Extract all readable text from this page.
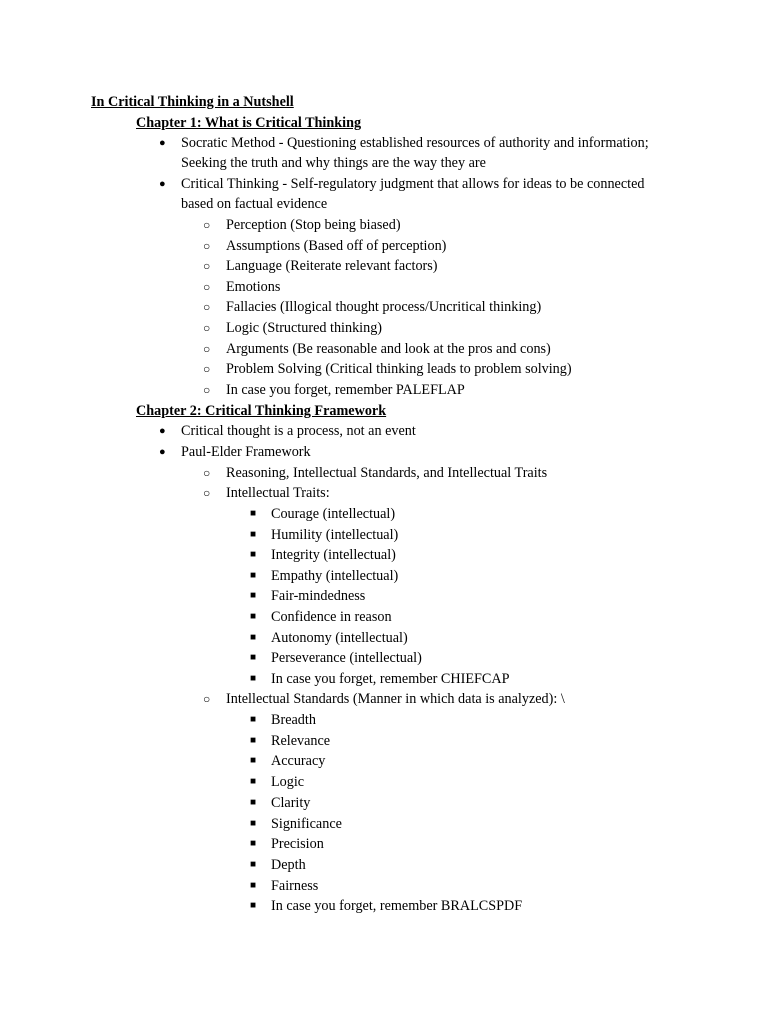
In Critical Thinking in a Nutshell
Chapter 1: What is Critical Thinking
● Socratic Method - Questioning established resources of authority and information;
Seeking the truth and why things are the way they are
● Critical Thinking - Self-regulatory judgment that allows for ideas to be connected
based on factual evidence
○ Perception (Stop being biased)
○ Assumptions (Based off of perception)
○ Language (Reiterate relevant factors)
○ Emotions
○ Fallacies (Illogical thought process/Uncritical thinking)
○ Logic (Structured thinking)
○ Arguments (Be reasonable and look at the pros and cons)
○ Problem Solving (Critical thinking leads to problem solving)
○ In case you forget, remember PALEFLAP
Chapter 2: Critical Thinking Framework
● Critical thought is a process, not an event
● Paul-Elder Framework
○ Reasoning, Intellectual Standards, and Intellectual Traits
○ Intellectual Traits:
■ Courage (intellectual)
■ Humility (intellectual)
■ Integrity (intellectual)
■ Empathy (intellectual)
■ Fair-mindedness
■ Confidence in reason
■ Autonomy (intellectual)
■ Perseverance (intellectual)
■ In case you forget, remember CHIEFCAP
○ Intellectual Standards (Manner in which data is analyzed): \
■ Breadth
■ Relevance
■ Accuracy
■ Logic
■ Clarity
■ Significance
■ Precision
■ Depth
■ Fairness
■ In case you forget, remember BRALCSPDF
